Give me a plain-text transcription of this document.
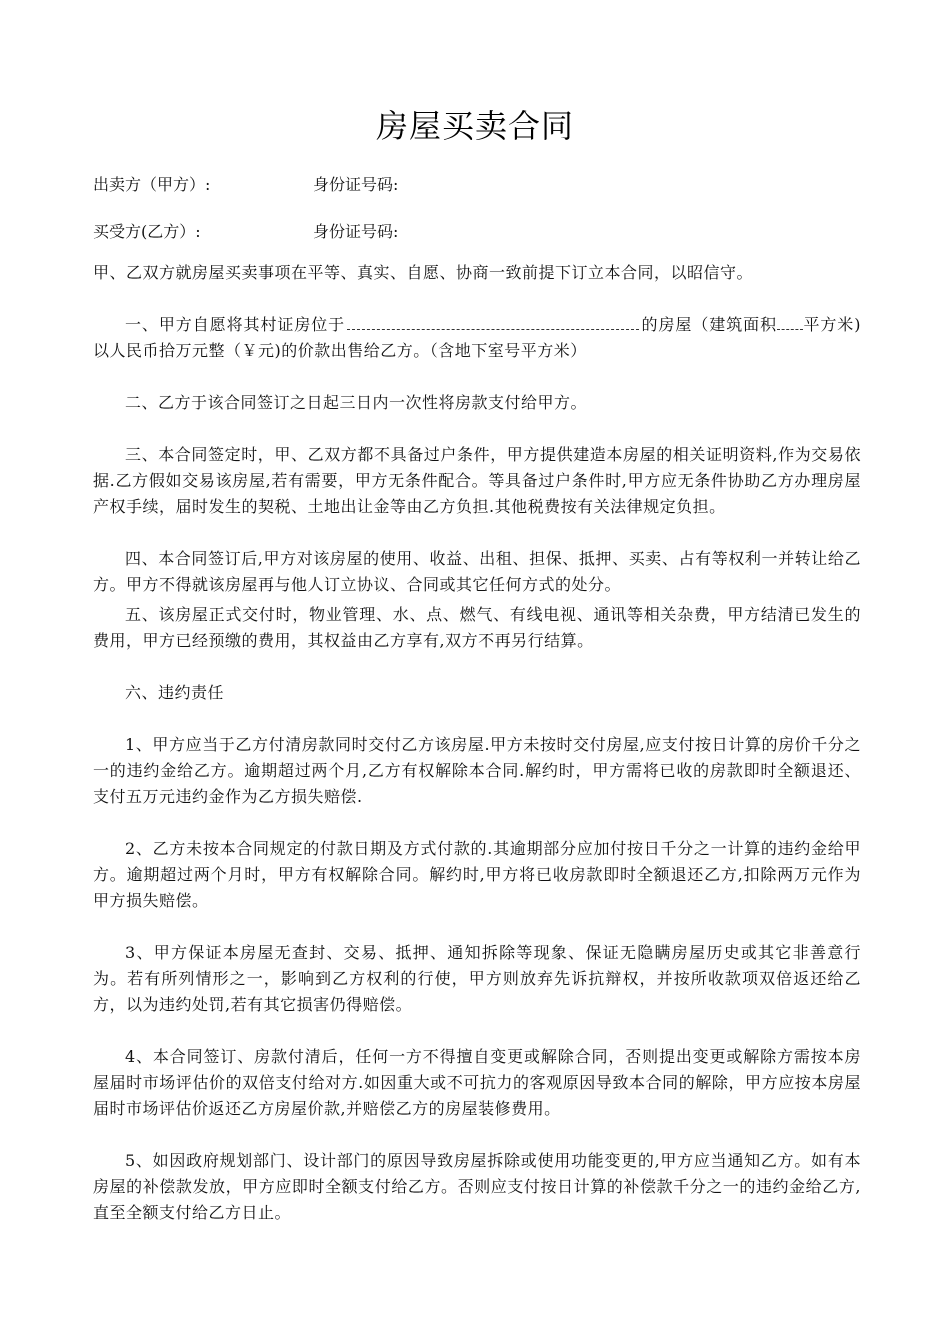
房屋买卖合同
出卖方（甲方）:	身份证号码:
买受方(乙方）:	身份证号码:

甲、乙双方就房屋买卖事项在平等、真实、自愿、协商一致前提下订立本合同，以昭信守。

一、甲方自愿将其村证房位于	的房屋（建筑面积 平方米)以人民币拾万元整（￥元)的价款出售给乙方。（含地下室号平方米）

二、乙方于该合同签订之日起三日内一次性将房款支付给甲方。

三、本合同签定时，甲、乙双方都不具备过户条件，甲方提供建造本房屋的相关证明资料,作为交易依据.乙方假如交易该房屋,若有需要，甲方无条件配合。等具备过户条件时,甲方应无条件协助乙方办理房屋产权手续，届时发生的契税、土地出让金等由乙方负担.其他税费按有关法律规定负担。

四、本合同签订后,甲方对该房屋的使用、收益、出租、担保、抵押、买卖、占有等权利一并转让给乙方。甲方不得就该房屋再与他人订立协议、合同或其它任何方式的处分。

五、该房屋正式交付时，物业管理、水、点、燃气、有线电视、通讯等相关杂费，甲方结清已发生的费用，甲方已经预缴的费用，其权益由乙方享有,双方不再另行结算。

六、违约责任

1、甲方应当于乙方付清房款同时交付乙方该房屋.甲方未按时交付房屋,应支付按日计算的房价千分之一的违约金给乙方。逾期超过两个月,乙方有权解除本合同.解约时，甲方需将已收的房款即时全额退还、支付五万元违约金作为乙方损失赔偿.

2、乙方未按本合同规定的付款日期及方式付款的.其逾期部分应加付按日千分之一计算的违约金给甲方。逾期超过两个月时，甲方有权解除合同。解约时,甲方将已收房款即时全额退还乙方,扣除两万元作为甲方损失赔偿。

3、甲方保证本房屋无查封、交易、抵押、通知拆除等现象、保证无隐瞒房屋历史或其它非善意行为。若有所列情形之一，影响到乙方权利的行使，甲方则放弃先诉抗辩权，并按所收款项双倍返还给乙方，以为违约处罚,若有其它损害仍得赔偿。

4、本合同签订、房款付清后，任何一方不得擅自变更或解除合同，否则提出变更或解除方需按本房屋届时市场评估价的双倍支付给对方.如因重大或不可抗力的客观原因导致本合同的解除，甲方应按本房屋届时市场评估价返还乙方房屋价款,并赔偿乙方的房屋装修费用。

5、如因政府规划部门、设计部门的原因导致房屋拆除或使用功能变更的,甲方应当通知乙方。如有本房屋的补偿款发放，甲方应即时全额支付给乙方。否则应支付按日计算的补偿款千分之一的违约金给乙方,直至全额支付给乙方日止。
